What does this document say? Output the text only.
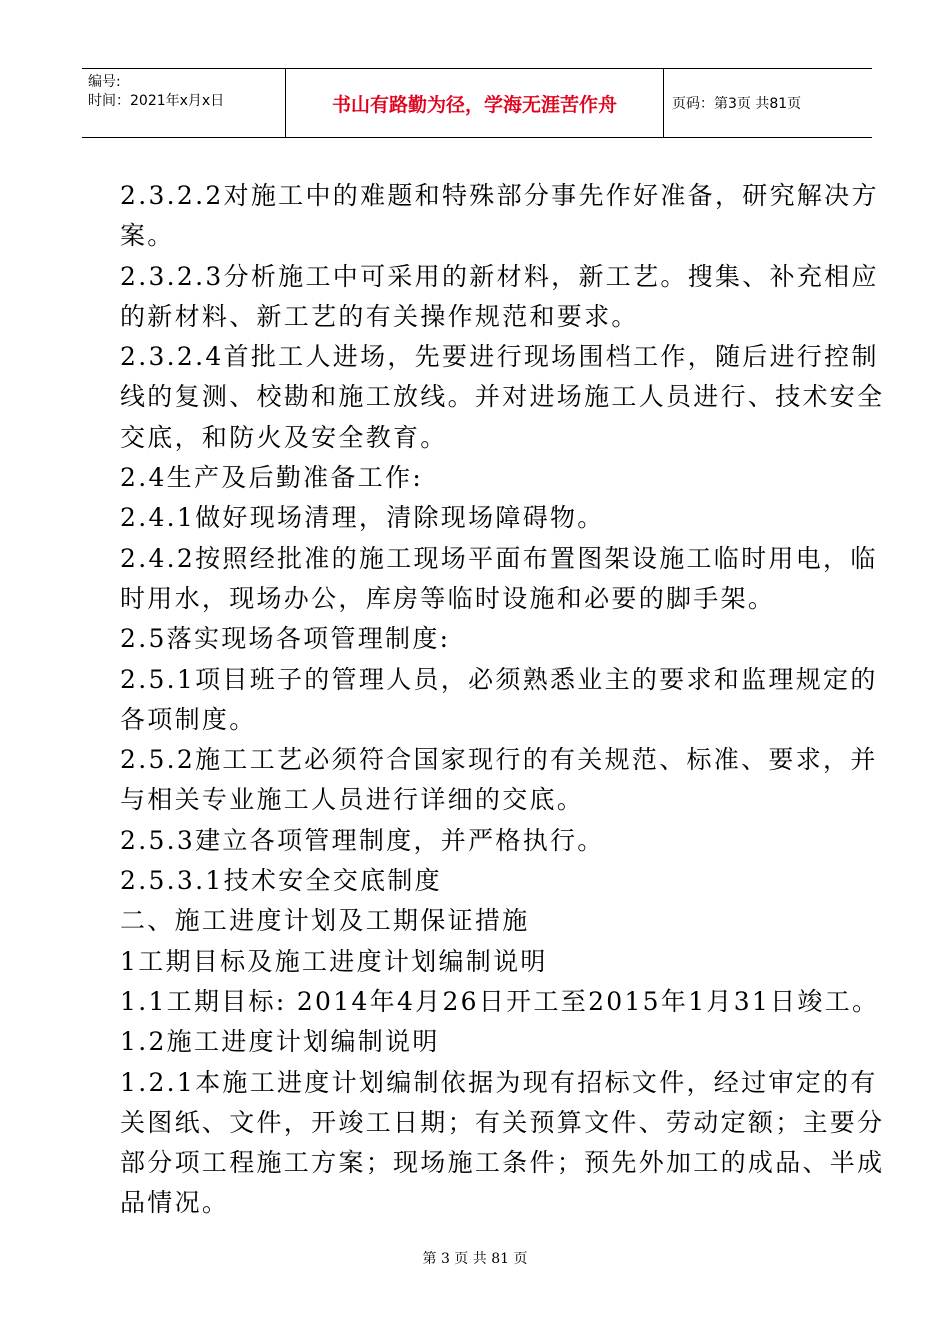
编号:
时间：2021年x月x日	书山有路勤为径，学海无涯苦作舟	页码：第3页 共81页
2.3.2.2对施工中的难题和特殊部分事先作好准备，研究解决方
案。
2.3.2.3分析施工中可采用的新材料，新工艺。搜集、补充相应
的新材料、新工艺的有关操作规范和要求。
2.3.2.4首批工人进场，先要进行现场围档工作，随后进行控制
线的复测、校勘和施工放线。并对进场施工人员进行、技术安全
交底，和防火及安全教育。
2.4生产及后勤准备工作:
2.4.1做好现场清理，清除现场障碍物。
2.4.2按照经批准的施工现场平面布置图架设施工临时用电，临
时用水，现场办公，库房等临时设施和必要的脚手架。
2.5落实现场各项管理制度:
2.5.1项目班子的管理人员，必须熟悉业主的要求和监理规定的
各项制度。
2.5.2施工工艺必须符合国家现行的有关规范、标准、要求，并
与相关专业施工人员进行详细的交底。
2.5.3建立各项管理制度，并严格执行。
2.5.3.1技术安全交底制度
二、施工进度计划及工期保证措施
1工期目标及施工进度计划编制说明
1.1工期目标: 2014年4月26日开工至2015年1月31日竣工。
1.2施工进度计划编制说明
1.2.1本施工进度计划编制依据为现有招标文件，经过审定的有
关图纸、文件，开竣工日期；有关预算文件、劳动定额；主要分
部分项工程施工方案；现场施工条件；预先外加工的成品、半成
品情况。
第 3 页 共 81 页
